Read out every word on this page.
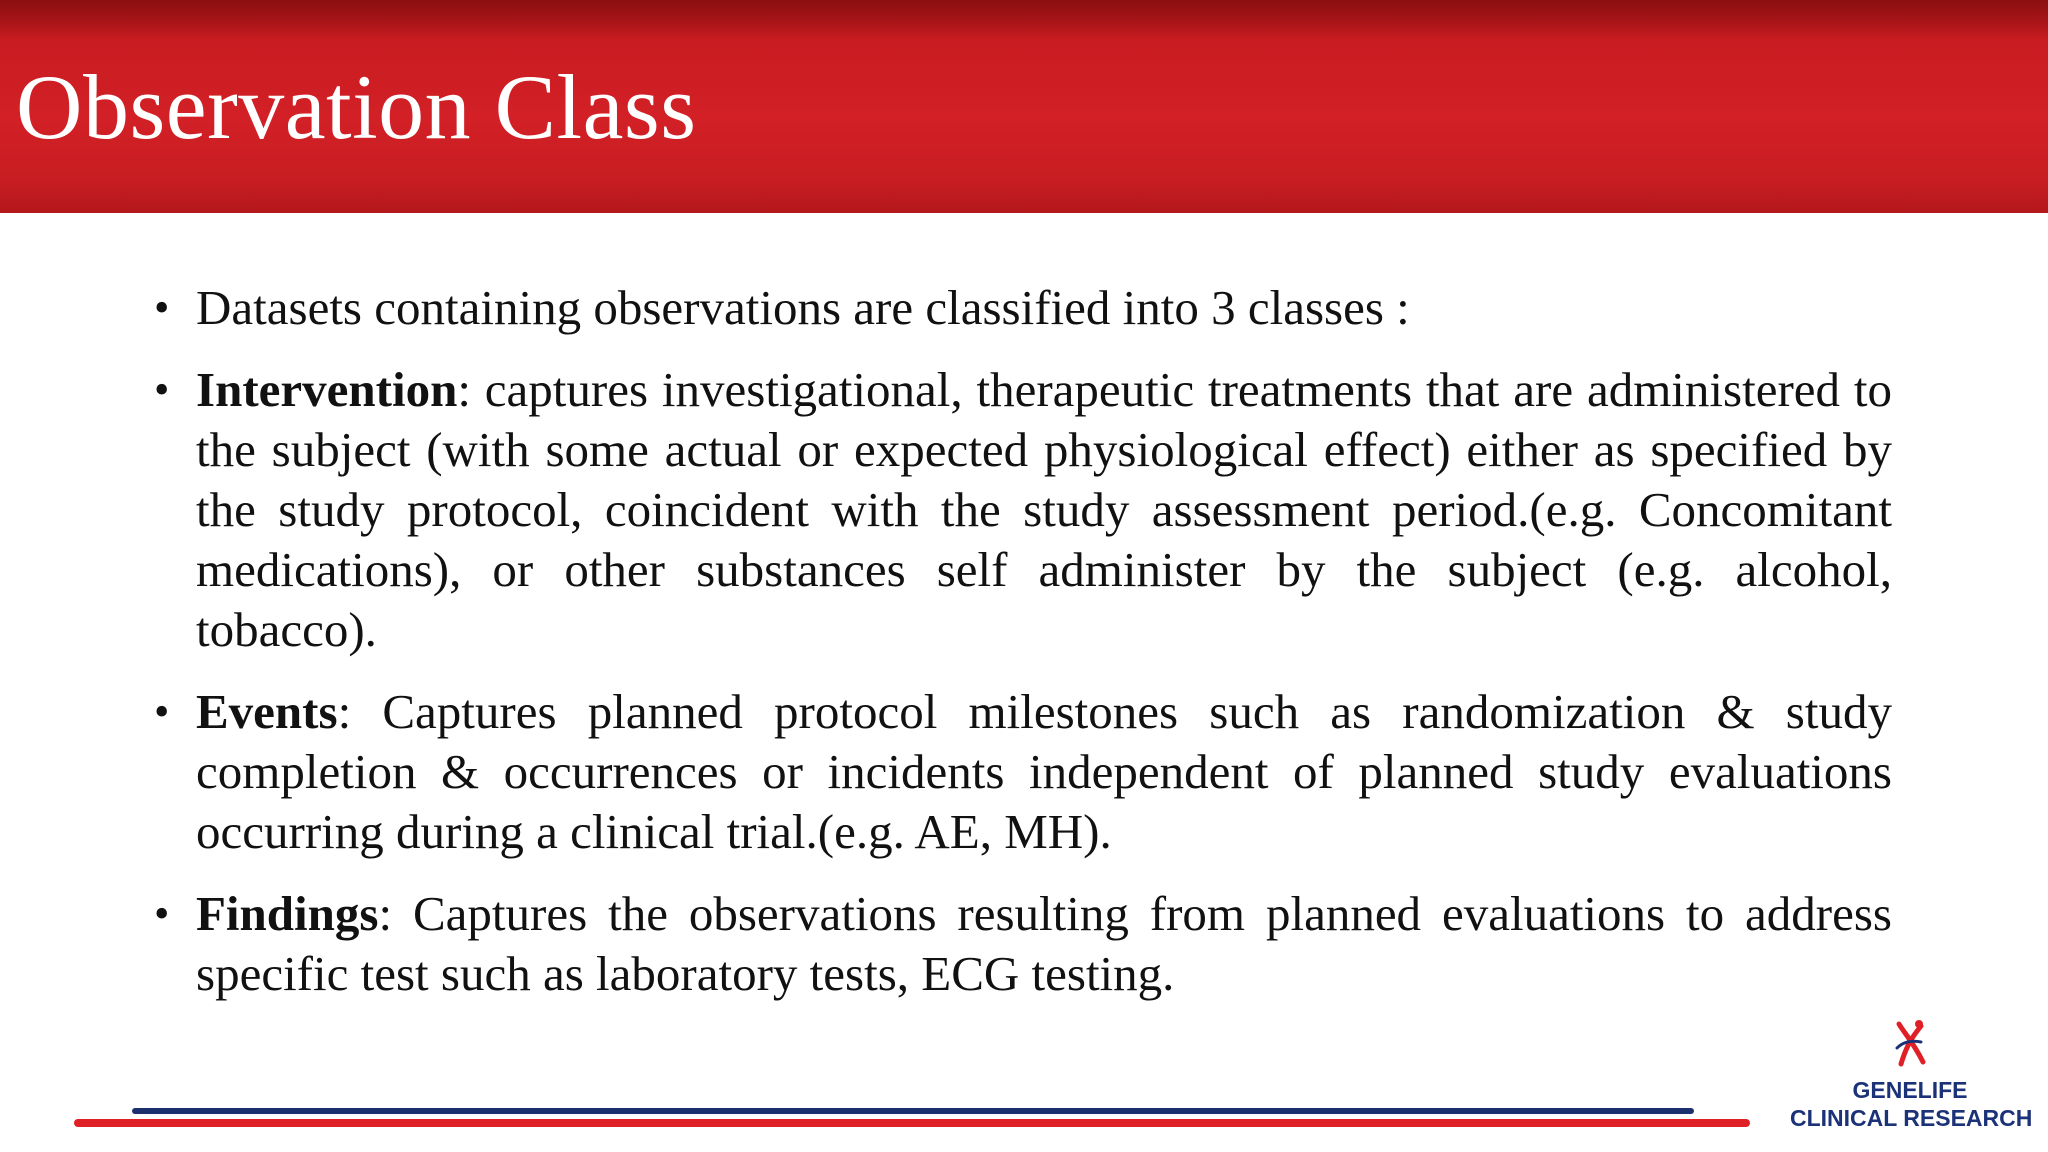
Observation Class
• Datasets containing observations are classified into 3 classes :
• Intervention: captures investigational, therapeutic treatments that are administered to the subject (with some actual or expected physiological effect) either as specified by the study protocol, coincident with the study assessment period.(e.g. Concomitant medications), or other substances self administer by the subject (e.g. alcohol, tobacco).
• Events: Captures planned protocol milestones such as randomization & study completion & occurrences or incidents independent of planned study evaluations occurring during a clinical trial.(e.g. AE, MH).
• Findings: Captures the observations resulting from planned evaluations to address specific test such as laboratory tests, ECG testing.
GENELIFE
CLINICAL RESEARCH
